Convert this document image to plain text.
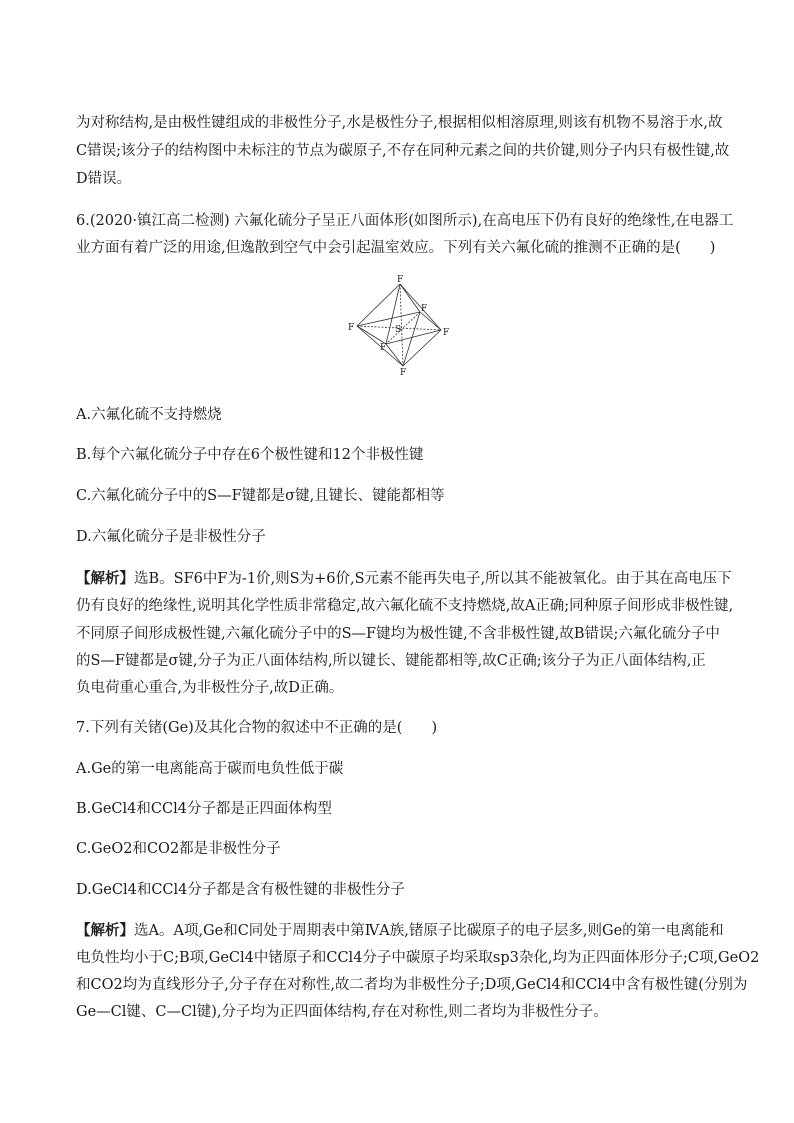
为对称结构,是由极性键组成的非极性分子,水是极性分子,根据相似相溶原理,则该有机物不易溶于水,故
C错误;该分子的结构图中未标注的节点为碳原子,不存在同种元素之间的共价键,则分子内只有极性键,故
D错误。
6.(2020·镇江高二检测) 六氟化硫分子呈正八面体形(如图所示),在高电压下仍有良好的绝缘性,在电器工
业方面有着广泛的用途,但逸散到空气中会引起温室效应。下列有关六氟化硫的推测不正确的是(　　)
F
F	F
F
F
F
S
A.六氟化硫不支持燃烧
B.每个六氟化硫分子中存在6个极性键和12个非极性键
C.六氟化硫分子中的S—F键都是σ键,且键长、键能都相等
D.六氟化硫分子是非极性分子
【解析】选B。SF6中F为-1价,则S为+6价,S元素不能再失电子,所以其不能被氧化。由于其在高电压下
仍有良好的绝缘性,说明其化学性质非常稳定,故六氟化硫不支持燃烧,故A正确;同种原子间形成非极性键,
不同原子间形成极性键,六氟化硫分子中的S—F键均为极性键,不含非极性键,故B错误;六氟化硫分子中
的S—F键都是σ键,分子为正八面体结构,所以键长、键能都相等,故C正确;该分子为正八面体结构,正
负电荷重心重合,为非极性分子,故D正确。
7.下列有关锗(Ge)及其化合物的叙述中不正确的是(　　)
A.Ge的第一电离能高于碳而电负性低于碳
B.GeCl4和CCl4分子都是正四面体构型
C.GeO2和CO2都是非极性分子
D.GeCl4和CCl4分子都是含有极性键的非极性分子
【解析】选A。A项,Ge和C同处于周期表中第ⅣA族,锗原子比碳原子的电子层多,则Ge的第一电离能和
电负性均小于C;B项,GeCl4中锗原子和CCl4分子中碳原子均采取sp3杂化,均为正四面体形分子;C项,GeO2
和CO2均为直线形分子,分子存在对称性,故二者均为非极性分子;D项,GeCl4和CCl4中含有极性键(分别为
Ge—Cl键、C—Cl键),分子均为正四面体结构,存在对称性,则二者均为非极性分子。
